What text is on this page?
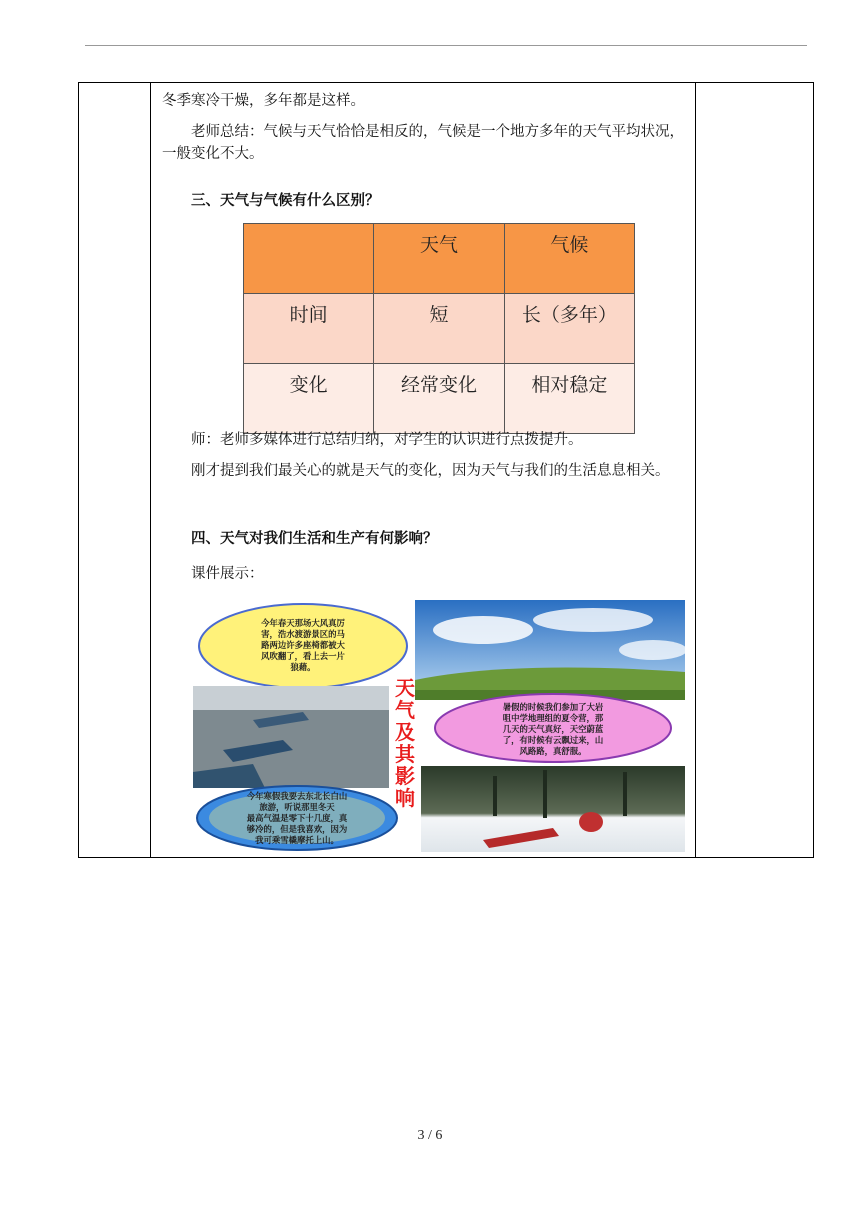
冬季寒冷干燥，多年都是这样。

老师总结：气候与天气恰恰是相反的，气候是一个地方多年的天气平均状况，一般变化不大。

三、天气与气候有什么区别？

	天气	气候
时间	短	长（多年）
变化	经常变化	相对稳定

师：老师多媒体进行总结归纳，对学生的认识进行点拨提升。

刚才提到我们最关心的就是天气的变化，因为天气与我们的生活息息相关。

四、天气对我们生活和生产有何影响？

课件展示：

今年春天那场大风真厉
害，浩水渡游景区的马
路两边许多座椅都被大
风吹翻了，看上去一片
狼藉。
天
气
及
其
影
响
暑假的时候我们参加了大岩
咀中学地理组的夏令营，那
几天的天气真好，天空蔚蓝
了，有时候有云飘过来，山
风路路，真舒服。
今年寒假我要去东北长白山
旅游，听说那里冬天
最高气温是零下十几度，真
够冷的，但是我喜欢，因为
我可乘雪橇摩托上山。
3 / 6
